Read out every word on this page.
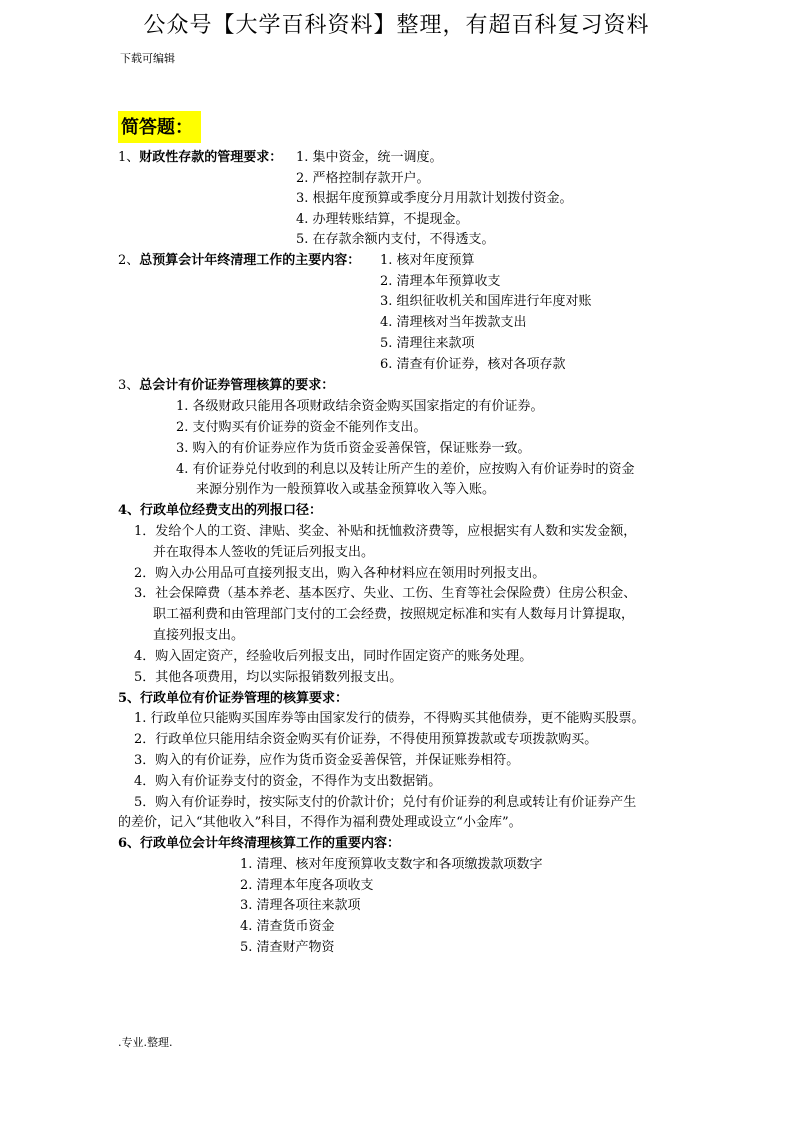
公众号【大学百科资料】整理，有超百科复习资料
下载可编辑
简答题：
1、财政性存款的管理要求： 1. 集中资金，统一调度。
2. 严格控制存款开户。
3. 根据年度预算或季度分月用款计划拨付资金。
4. 办理转账结算，不提现金。
5. 在存款余额内支付，不得透支。
2、总预算会计年终清理工作的主要内容： 1. 核对年度预算
2. 清理本年预算收支
3. 组织征收机关和国库进行年度对账
4. 清理核对当年拨款支出
5. 清理往来款项
6. 清查有价证券，核对各项存款
3、总会计有价证券管理核算的要求：
1. 各级财政只能用各项财政结余资金购买国家指定的有价证券。
2. 支付购买有价证券的资金不能列作支出。
3. 购入的有价证券应作为货币资金妥善保管，保证账券一致。
4. 有价证券兑付收到的利息以及转让所产生的差价，应按购入有价证券时的资金
来源分别作为一般预算收入或基金预算收入等入账。
4、行政单位经费支出的列报口径：
1．发给个人的工资、津贴、奖金、补贴和抚恤救济费等，应根据实有人数和实发金额，
并在取得本人签收的凭证后列报支出。
2．购入办公用品可直接列报支出，购入各种材料应在领用时列报支出。
3．社会保障费（基本养老、基本医疗、失业、工伤、生育等社会保险费）住房公积金、
职工福利费和由管理部门支付的工会经费，按照规定标准和实有人数每月计算提取，
直接列报支出。
4．购入固定资产，经验收后列报支出，同时作固定资产的账务处理。
5．其他各项费用，均以实际报销数列报支出。
5、行政单位有价证券管理的核算要求：
1. 行政单位只能购买国库券等由国家发行的债券，不得购买其他债券，更不能购买股票。
2．行政单位只能用结余资金购买有价证券，不得使用预算拨款或专项拨款购买。
3．购入的有价证券，应作为货币资金妥善保管，并保证账券相符。
4．购入有价证券支付的资金，不得作为支出数据销。
5．购入有价证券时，按实际支付的价款计价；兑付有价证券的利息或转让有价证券产生
的差价，记入“其他收入”科目，不得作为福利费处理或设立“小金库”。
6、行政单位会计年终清理核算工作的重要内容：
1. 清理、核对年度预算收支数字和各项缴拨款项数字
2. 清理本年度各项收支
3. 清理各项往来款项
4. 清查货币资金
5. 清查财产物资
.专业.整理.
